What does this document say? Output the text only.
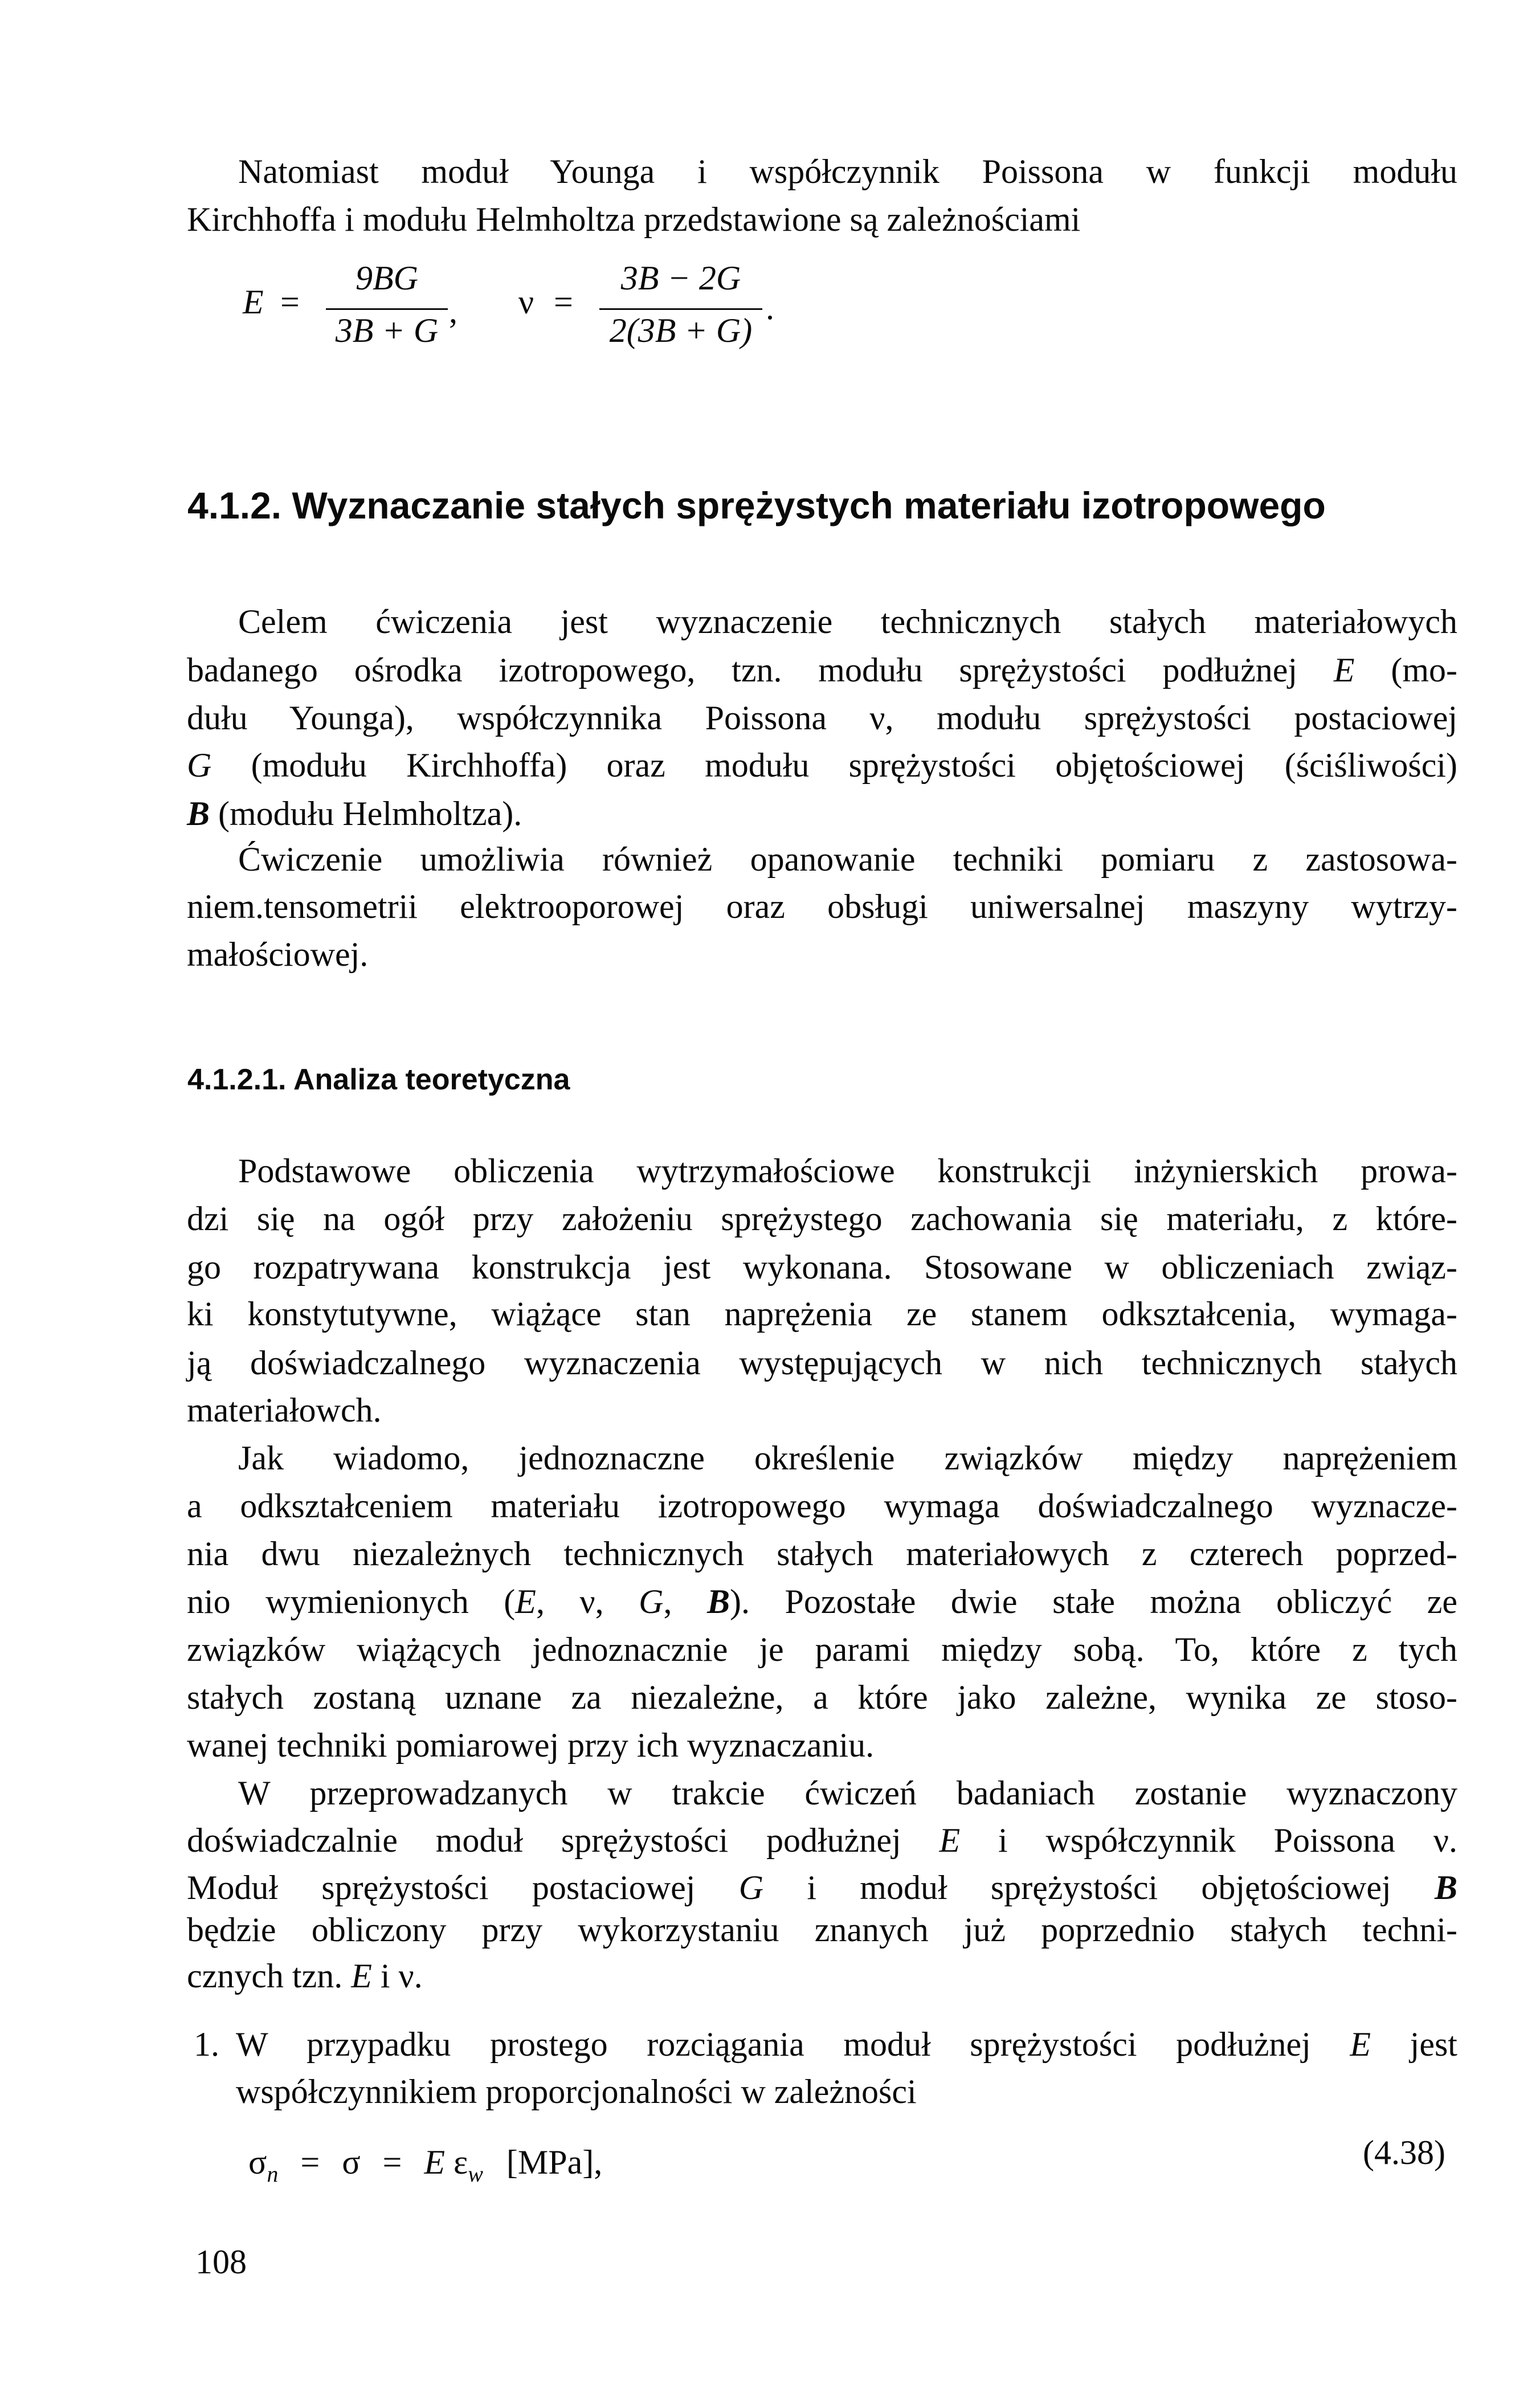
Natomiast moduł Younga i współczynnik Poissona w funkcji modułu
Kirchhoffa i modułu Helmholtza przedstawione są zależnościami
E =
9BG
3B + G
, ν =
3B − 2G
2(3B + G)
.
4.1.2. Wyznaczanie stałych sprężystych materiału izotropowego
Celem ćwiczenia jest wyznaczenie technicznych stałych materiałowych
badanego ośrodka izotropowego, tzn. modułu sprężystości podłużnej E (mo-
dułu Younga), współczynnika Poissona ν, modułu sprężystości postaciowej
G (modułu Kirchhoffa) oraz modułu sprężystości objętościowej (ściśliwości)
B (modułu Helmholtza).
Ćwiczenie umożliwia również opanowanie techniki pomiaru z zastosowa-
niem.tensometrii elektrooporowej oraz obsługi uniwersalnej maszyny wytrzy-
małościowej.
4.1.2.1. Analiza teoretyczna
Podstawowe obliczenia wytrzymałościowe konstrukcji inżynierskich prowa-
dzi się na ogół przy założeniu sprężystego zachowania się materiału, z które-
go rozpatrywana konstrukcja jest wykonana. Stosowane w obliczeniach związ-
ki konstytutywne, wiążące stan naprężenia ze stanem odkształcenia, wymaga-
ją doświadczalnego wyznaczenia występujących w nich technicznych stałych
materiałowch.
Jak wiadomo, jednoznaczne określenie związków między naprężeniem
a odkształceniem materiału izotropowego wymaga doświadczalnego wyznacze-
nia dwu niezależnych technicznych stałych materiałowych z czterech poprzed-
nio wymienionych (E, ν, G, B). Pozostałe dwie stałe można obliczyć ze
związków wiążących jednoznacznie je parami między sobą. To, które z tych
stałych zostaną uznane za niezależne, a które jako zależne, wynika ze stoso-
wanej techniki pomiarowej przy ich wyznaczaniu.
W przeprowadzanych w trakcie ćwiczeń badaniach zostanie wyznaczony
doświadczalnie moduł sprężystości podłużnej E i współczynnik Poissona ν.
Moduł sprężystości postaciowej G i moduł sprężystości objętościowej B
będzie obliczony przy wykorzystaniu znanych już poprzednio stałych techni-
cznych tzn. E i ν.
1. W przypadku prostego rozciągania moduł sprężystości podłużnej E jest
współczynnikiem proporcjonalności w zależności
$\sigma_n = \sigma = E$ $\varepsilon_w$ [MPa],	(4.38)
108
